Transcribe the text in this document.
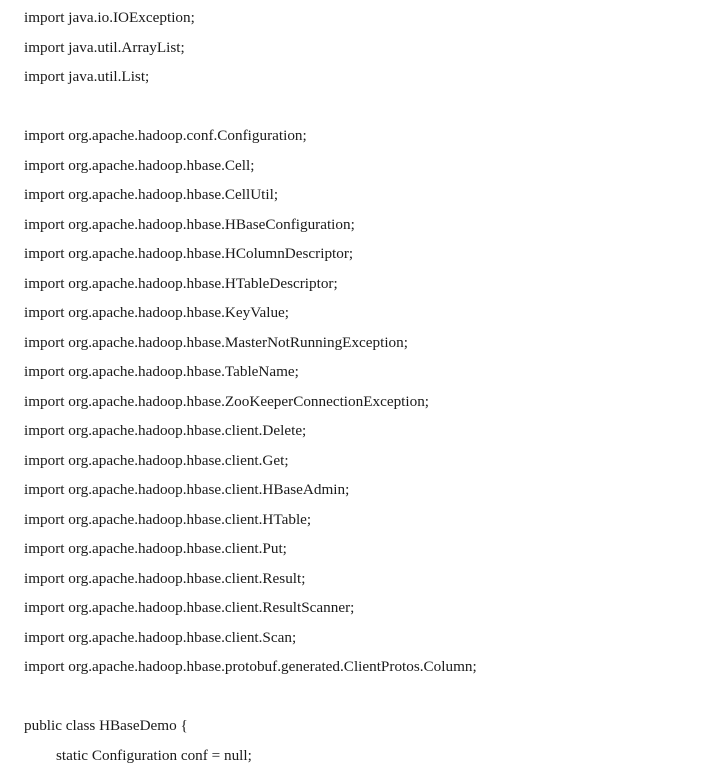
import java.io.IOException;
import java.util.ArrayList;
import java.util.List;
import org.apache.hadoop.conf.Configuration;
import org.apache.hadoop.hbase.Cell;
import org.apache.hadoop.hbase.CellUtil;
import org.apache.hadoop.hbase.HBaseConfiguration;
import org.apache.hadoop.hbase.HColumnDescriptor;
import org.apache.hadoop.hbase.HTableDescriptor;
import org.apache.hadoop.hbase.KeyValue;
import org.apache.hadoop.hbase.MasterNotRunningException;
import org.apache.hadoop.hbase.TableName;
import org.apache.hadoop.hbase.ZooKeeperConnectionException;
import org.apache.hadoop.hbase.client.Delete;
import org.apache.hadoop.hbase.client.Get;
import org.apache.hadoop.hbase.client.HBaseAdmin;
import org.apache.hadoop.hbase.client.HTable;
import org.apache.hadoop.hbase.client.Put;
import org.apache.hadoop.hbase.client.Result;
import org.apache.hadoop.hbase.client.ResultScanner;
import org.apache.hadoop.hbase.client.Scan;
import org.apache.hadoop.hbase.protobuf.generated.ClientProtos.Column;
public class HBaseDemo {
static Configuration conf = null;
